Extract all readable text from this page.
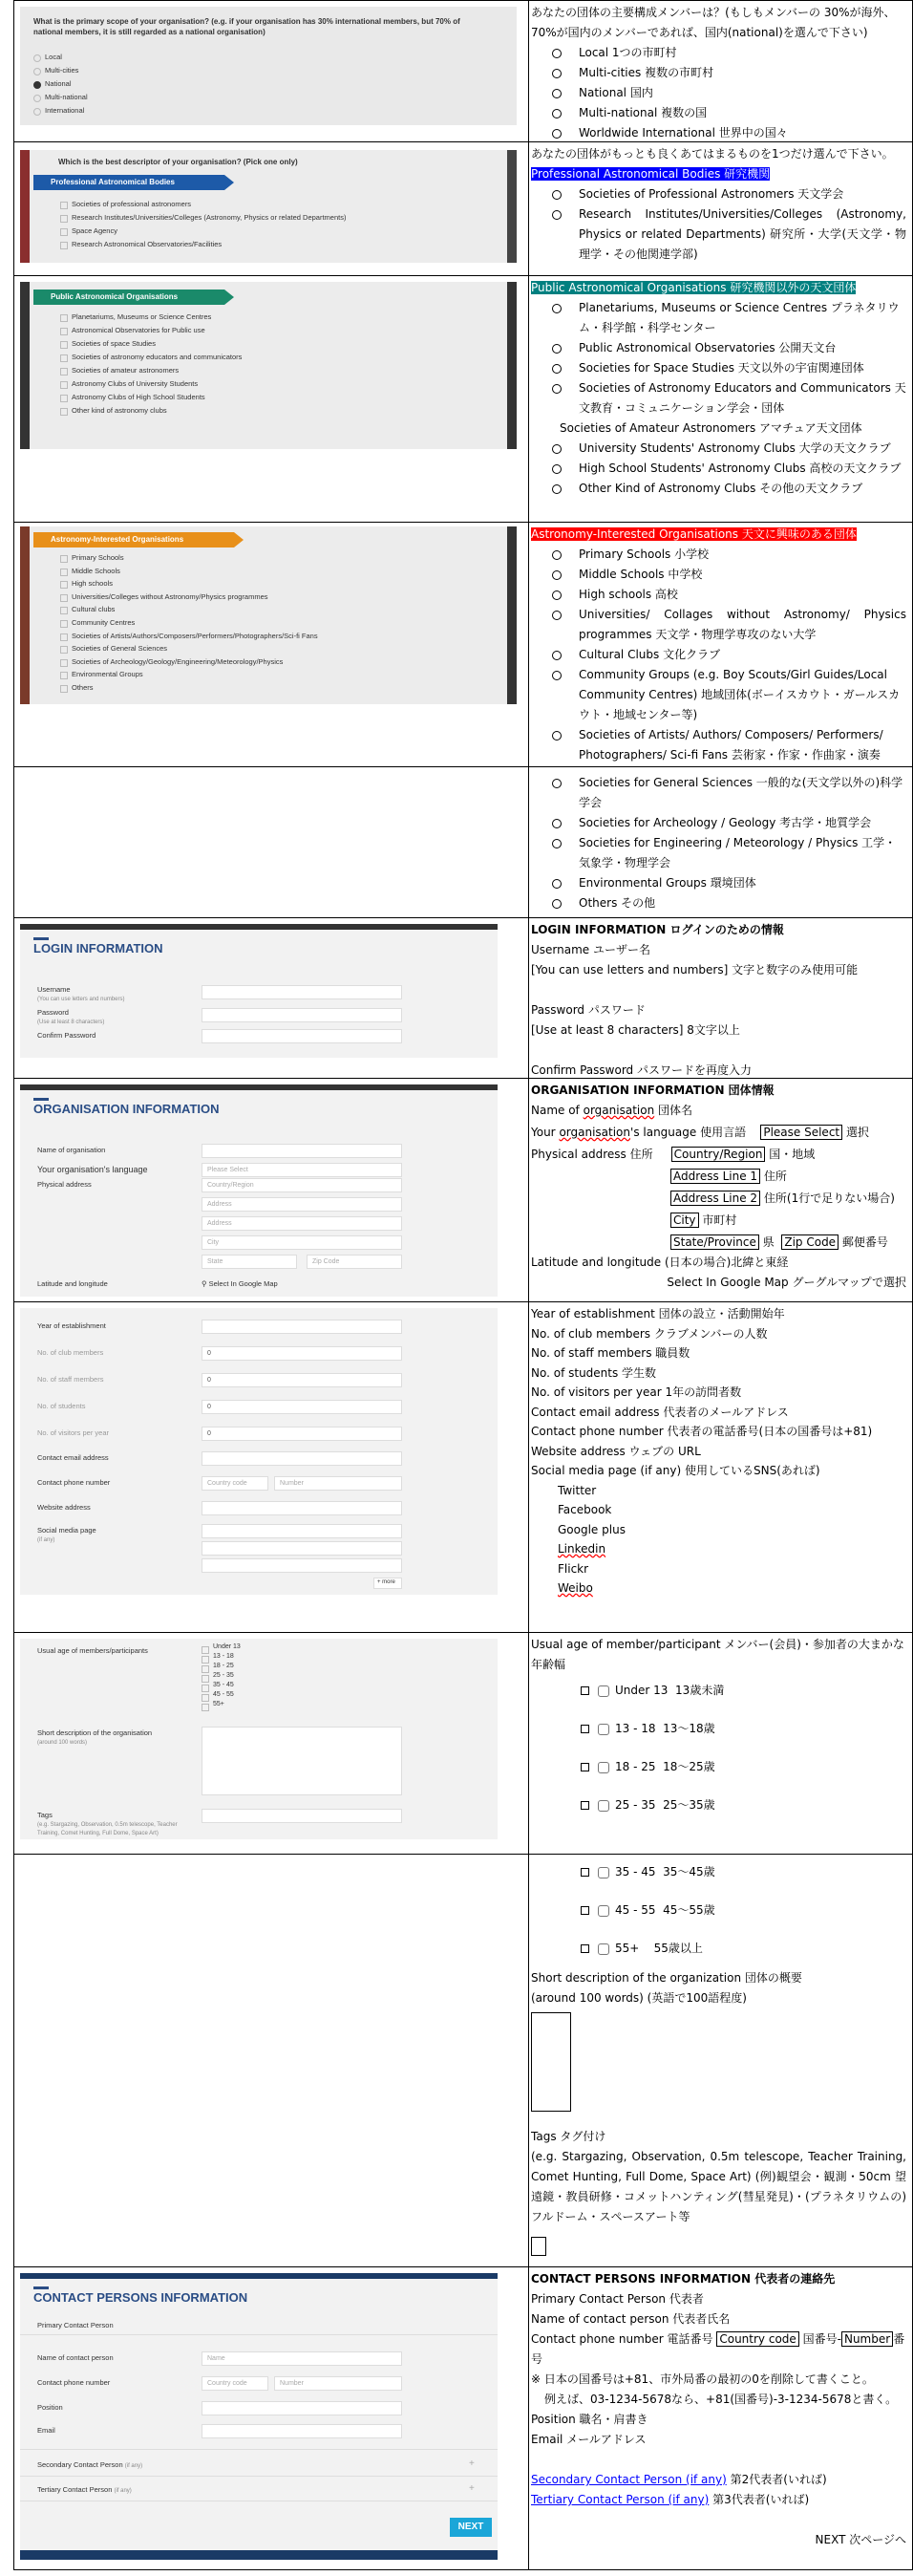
What is the primary scope of your organisation? (e.g. if your organisation has 30% international members, but 70% of national members, it is still regarded as a national organisation)
Local
Multi-cities
National
Multi-national
International
あなたの団体の主要構成メンバーは？(もしもメンバーの 30%が海外、70%が国内のメンバーであれば、国内(national)を選んで下さい)
Local 1つの市町村
Multi-cities 複数の市町村
National 国内
Multi-national 複数の国
Worldwide International 世界中の国々
Which is the best descriptor of your organisation? (Pick one only)
Professional Astronomical Bodies
Societies of professional astronomers
Research Institutes/Universities/Colleges (Astronomy, Physics or related Departments)
Space Agency
Research Astronomical Observatories/Facilities
あなたの団体がもっとも良くあてはまるものを1つだけ選んで下さい。
Professional Astronomical Bodies 研究機関
Societies of Professional Astronomers 天文学会
Research Institutes/Universities/Colleges (Astronomy, Physics or related Departments) 研究所・大学(天文学・物理学・その他関連学部)
Public Astronomical Organisations
Planetariums, Museums or Science Centres
Astronomical Observatories for Public use
Societies of space Studies
Societies of astronomy educators and communicators
Societies of amateur astronomers
Astronomy Clubs of University Students
Astronomy Clubs of High School Students
Other kind of astronomy clubs
Public Astronomical Organisations 研究機関以外の天文団体
Planetariums, Museums or Science Centres プラネタリウム・科学館・科学センター
Public Astronomical Observatories 公開天文台
Societies for Space Studies 天文以外の宇宙関連団体
Societies of Astronomy Educators and Communicators 天文教育・コミュニケーション学会・団体
Societies of Amateur Astronomers アマチュア天文団体
University Students' Astronomy Clubs 大学の天文クラブ
High School Students' Astronomy Clubs 高校の天文クラブ
Other Kind of Astronomy Clubs その他の天文クラブ
Astronomy-Interested Organisations
Primary Schools
Middle Schools
High schools
Universities/Colleges without Astronomy/Physics programmes
Cultural clubs
Community Centres
Societies of Artists/Authors/Composers/Performers/Photographers/Sci-fi Fans
Societies of General Sciences
Societies of Archeology/Geology/Engineering/Meteorology/Physics
Environmental Groups
Others
Astronomy-Interested Organisations 天文に興味のある団体
Primary Schools 小学校
Middle Schools 中学校
High schools 高校
Universities/ Collages without Astronomy/ Physics programmes 天文学・物理学専攻のない大学
Cultural Clubs 文化クラブ
Community Groups (e.g. Boy Scouts/Girl Guides/Local Community Centres) 地域団体(ボーイスカウト・ガールスカウト・地域センター等)
Societies of Artists/ Authors/ Composers/ Performers/ Photographers/ Sci-fi Fans 芸術家・作家・作曲家・演奏
Societies for General Sciences 一般的な(天文学以外の)科学学会
Societies for Archeology / Geology 考古学・地質学会
Societies for Engineering / Meteorology / Physics 工学・気象学・物理学会
Environmental Groups 環境団体
Others その他
LOGIN INFORMATION
Username
(You can use letters and numbers)
Password
(Use at least 8 characters)
Confirm Password
LOGIN INFORMATION ログインのための情報
Username ユーザー名
[You can use letters and numbers] 文字と数字のみ使用可能
Password パスワード
[Use at least 8 characters] 8文字以上
Confirm Password パスワードを再度入力
ORGANISATION INFORMATION
Name of organisation
Your organisation's language	Please Select
Physical address	Country/Region
Address
Address
City
State	Zip Code
Latitude and longitude	⚲ Select In Google Map
ORGANISATION INFORMATION 団体情報
Name of organisation 団体名
Your organisation's language 使用言語 Please Select 選択
Physical address 住所 Country/Region 国・地域
Address Line 1 住所
Address Line 2 住所(1行で足りない場合)
City 市町村
State/Province 県 Zip Code 郵便番号
Latitude and longitude (日本の場合)北緯と東経
Select In Google Map グーグルマップで選択
Year of establishment
No. of club members	0
No. of staff members	0
No. of students	0
No. of visitors per year	0
Contact email address
Contact phone number	Country code	Number
Website address
Social media page
(if any)
+ more
Year of establishment 団体の設立・活動開始年
No. of club members クラブメンバーの人数
No. of staff members 職員数
No. of students 学生数
No. of visitors per year 1年の訪問者数
Contact email address 代表者のメールアドレス
Contact phone number 代表者の電話番号(日本の国番号は+81)
Website address ウェブの URL
Social media page (if any) 使用しているSNS(あれば)
Twitter
Facebook
Google plus
Linkedin
Flickr
Weibo
Usual age of members/participants	Under 13
13 - 18
18 - 25
25 - 35
35 - 45
45 - 55
55+
Short description of the organisation
(around 100 words)
Tags
(e.g. Stargazing, Observation, 0.5m telescope, Teacher Training, Comet Hunting, Full Dome, Space Art)
Usual age of member/participant メンバー(会員)・参加者の大まかな年齢幅
Under 13 13歳未満
13 - 18 13～18歳
18 - 25 18～25歳
25 - 35 25～35歳
35 - 45 35～45歳
45 - 55 45～55歳
55+ 55歳以上
Short description of the organization 団体の概要
(around 100 words) (英語で100語程度)
Tags タグ付け
(e.g. Stargazing, Observation, 0.5m telescope, Teacher Training, Comet Hunting, Full Dome, Space Art) (例)観望会・観測・50cm 望遠鏡・教員研修・コメットハンティング(彗星発見)・(プラネタリウムの)フルドーム・スペースアート等
CONTACT PERSONS INFORMATION
Primary Contact Person
Name of contact person	Name
Contact phone number	Country code	Number
Position
Email
Secondary Contact Person (if any)	+
Tertiary Contact Person (if any)	+
NEXT
CONTACT PERSONS INFORMATION 代表者の連絡先
Primary Contact Person 代表者
Name of contact person 代表者氏名
Contact phone number 電話番号 Country code 国番号- Number 番号
※ 日本の国番号は+81、市外局番の最初の0を削除して書くこと。
例えば、03-1234-5678なら、+81(国番号)-3-1234-5678と書く。
Position 職名・肩書き
Email メールアドレス
Secondary Contact Person (if any) 第2代表者(いれば)
Tertiary Contact Person (if any) 第3代表者(いれば)
NEXT 次ページへ
